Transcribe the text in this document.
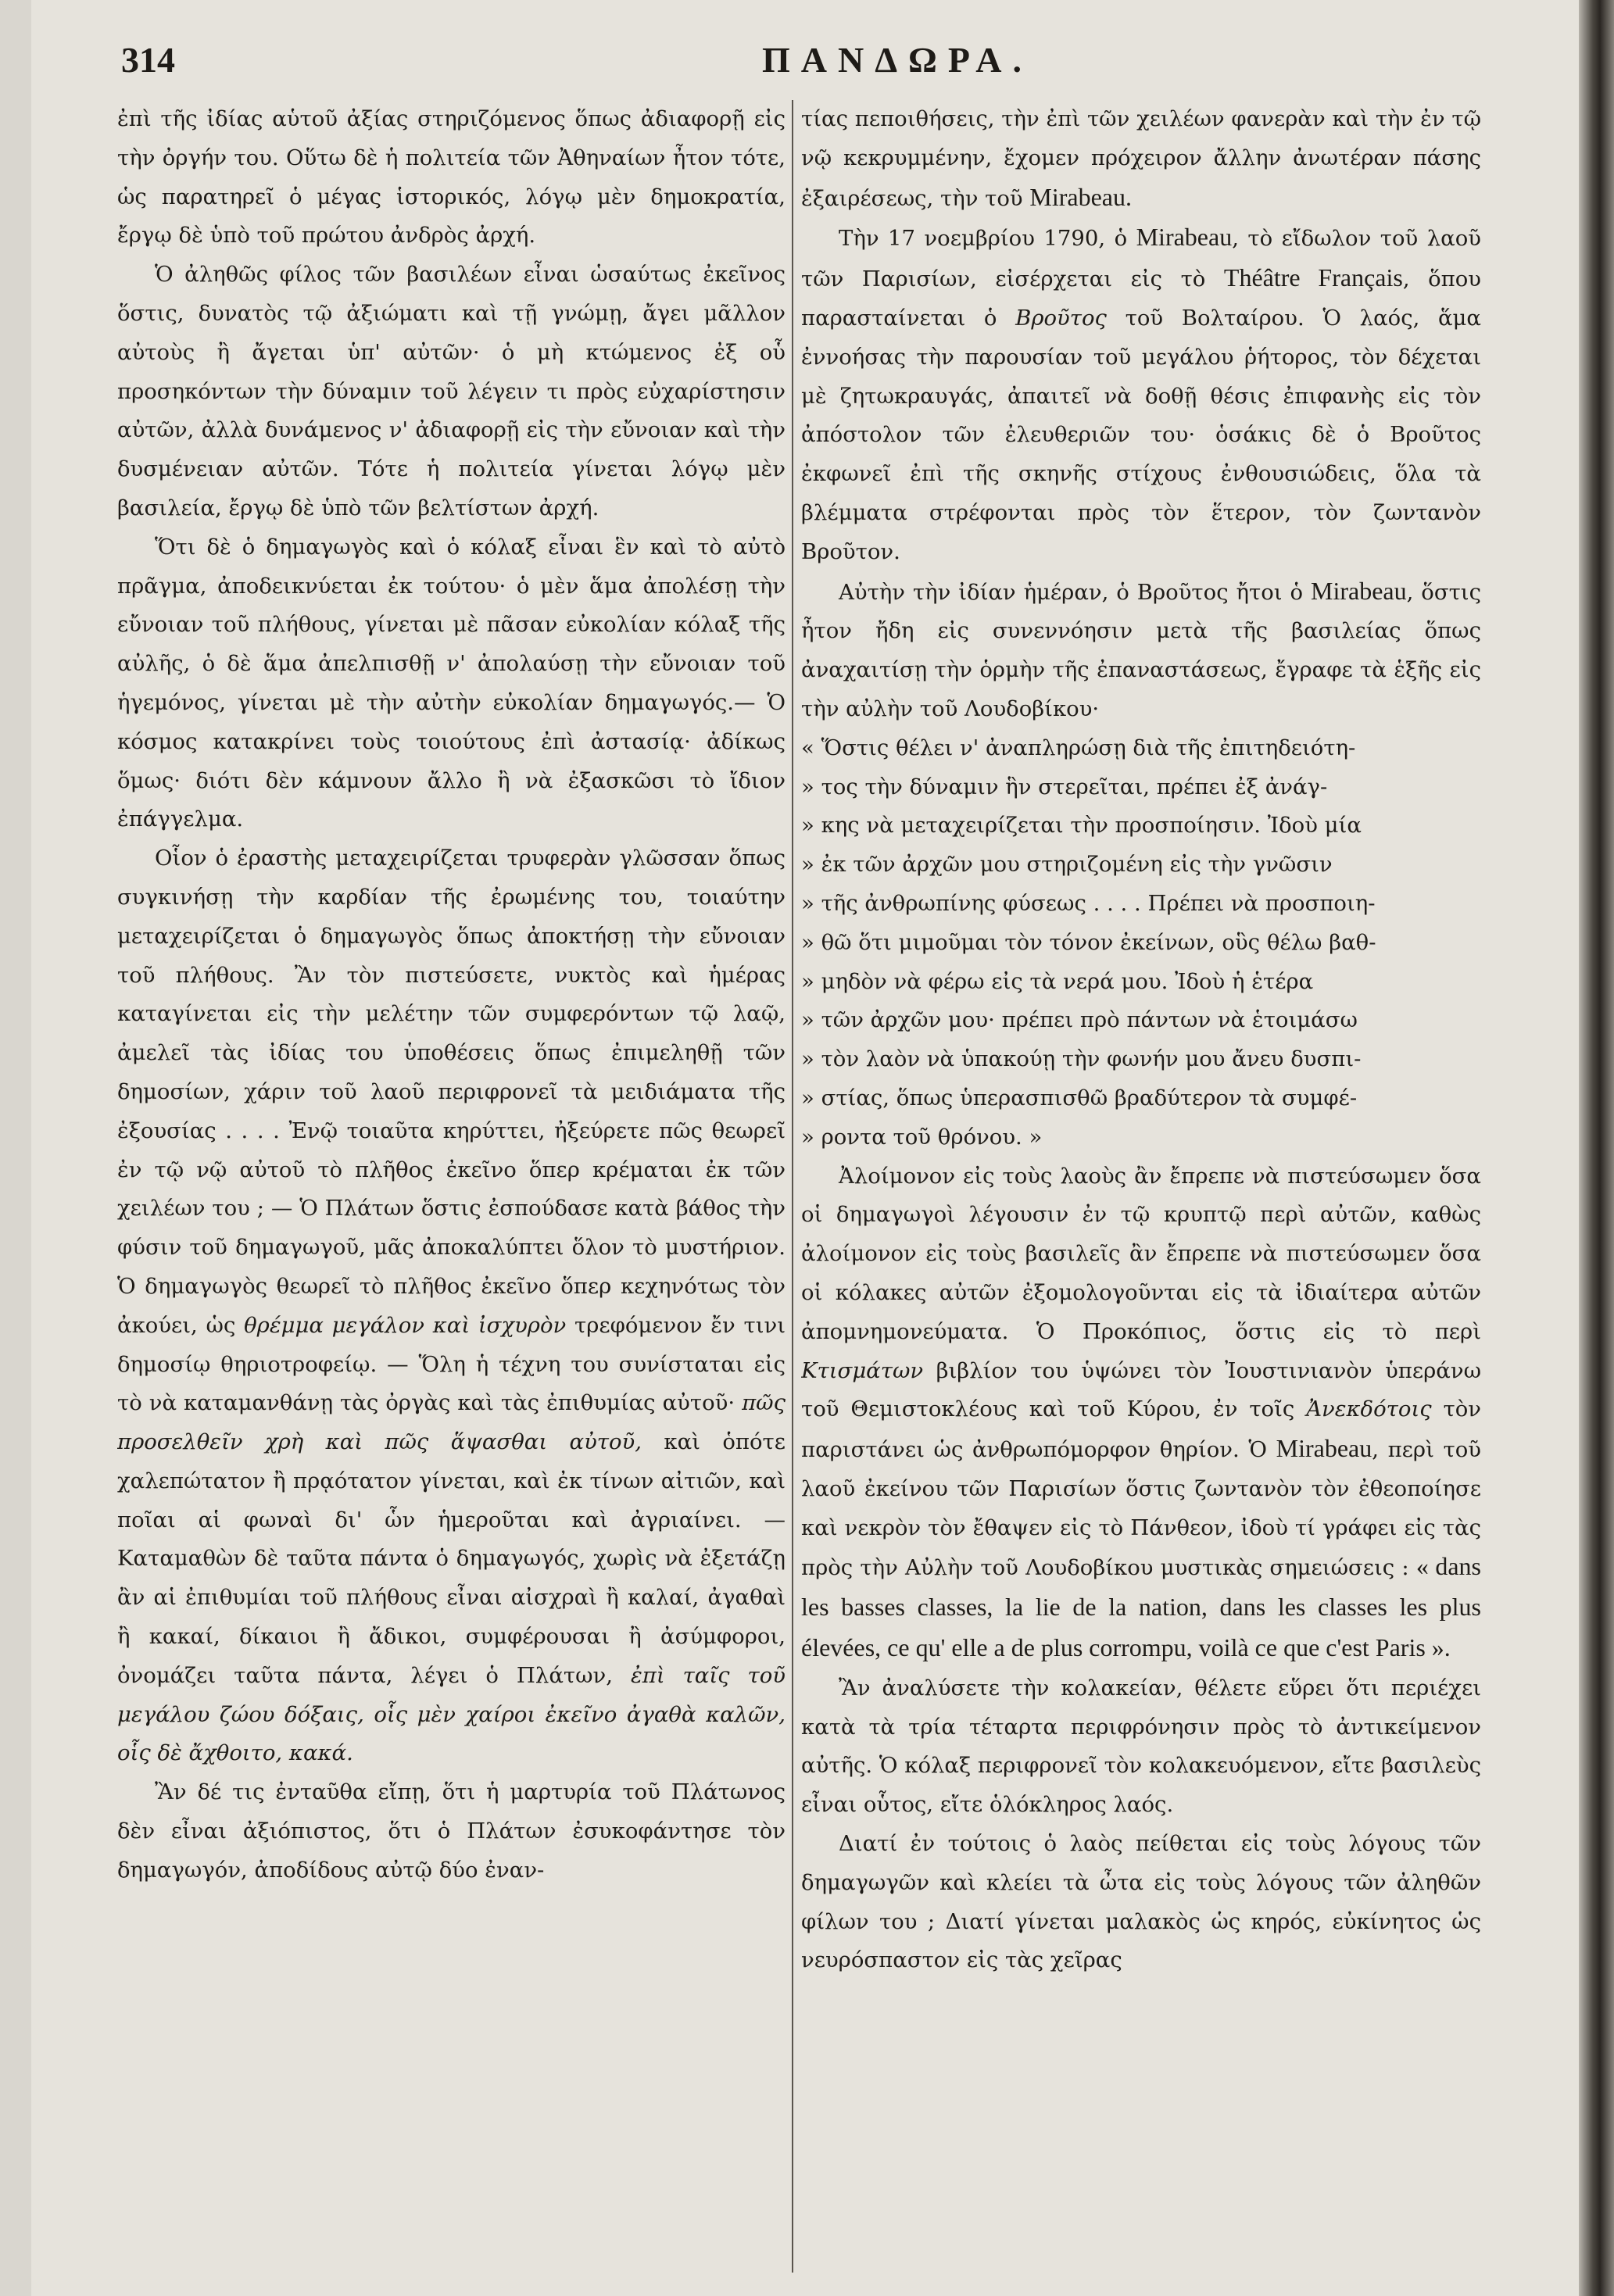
314	ΠΑΝΔΩΡΑ.

ἐπὶ τῆς ἰδίας αὑτοῦ ἀξίας στηριζόμενος ὅπως ἀδιαφορῇ εἰς τὴν ὀργήν του. Οὕτω δὲ ἡ πολιτεία τῶν Ἀθηναίων ἦτον τότε, ὡς παρατηρεῖ ὁ μέγας ἱστορικός, λόγῳ μὲν δημοκρατία, ἔργῳ δὲ ὑπὸ τοῦ πρώτου ἀνδρὸς ἀρχή.

Ὁ ἀληθῶς φίλος τῶν βασιλέων εἶναι ὡσαύτως ἐκεῖνος ὅστις, δυνατὸς τῷ ἀξιώματι καὶ τῇ γνώμῃ, ἄγει μᾶλλον αὐτοὺς ἢ ἄγεται ὑπ' αὐτῶν· ὁ μὴ κτώμενος ἐξ οὗ προσηκόντων τὴν δύναμιν τοῦ λέγειν τι πρὸς εὐχαρίστησιν αὐτῶν, ἀλλὰ δυνάμενος ν' ἀδιαφορῇ εἰς τὴν εὔνοιαν καὶ τὴν δυσμένειαν αὐτῶν. Τότε ἡ πολιτεία γίνεται λόγῳ μὲν βασιλεία, ἔργῳ δὲ ὑπὸ τῶν βελτίστων ἀρχή.

Ὅτι δὲ ὁ δημαγωγὸς καὶ ὁ κόλαξ εἶναι ἓν καὶ τὸ αὐτὸ πρᾶγμα, ἀποδεικνύεται ἐκ τούτου· ὁ μὲν ἅμα ἀπολέσῃ τὴν εὔνοιαν τοῦ πλήθους, γίνεται μὲ πᾶσαν εὐκολίαν κόλαξ τῆς αὐλῆς, ὁ δὲ ἅμα ἀπελπισθῇ ν' ἀπολαύσῃ τὴν εὔνοιαν τοῦ ἡγεμόνος, γίνεται μὲ τὴν αὐτὴν εὐκολίαν δημαγωγός.— Ὁ κόσμος κατακρίνει τοὺς τοιούτους ἐπὶ ἀστασίᾳ· ἀδίκως ὅμως· διότι δὲν κάμνουν ἄλλο ἢ νὰ ἐξασκῶσι τὸ ἴδιον ἐπάγγελμα.

Οἷον ὁ ἐραστὴς μεταχειρίζεται τρυφερὰν γλῶσσαν ὅπως συγκινήσῃ τὴν καρδίαν τῆς ἐρωμένης του, τοιαύτην μεταχειρίζεται ὁ δημαγωγὸς ὅπως ἀποκτήσῃ τὴν εὔνοιαν τοῦ πλήθους. Ἂν τὸν πιστεύσετε, νυκτὸς καὶ ἡμέρας καταγίνεται εἰς τὴν μελέτην τῶν συμφερόντων τῷ λαῷ, ἀμελεῖ τὰς ἰδίας του ὑποθέσεις ὅπως ἐπιμεληθῇ τῶν δημοσίων, χάριν τοῦ λαοῦ περιφρονεῖ τὰ μειδιάματα τῆς ἐξουσίας . . . . Ἐνῷ τοιαῦτα κηρύττει, ἠξεύρετε πῶς θεωρεῖ ἐν τῷ νῷ αὐτοῦ τὸ πλῆθος ἐκεῖνο ὅπερ κρέμαται ἐκ τῶν χειλέων του ; — Ὁ Πλάτων ὅστις ἐσπούδασε κατὰ βάθος τὴν φύσιν τοῦ δημαγωγοῦ, μᾶς ἀποκαλύπτει ὅλον τὸ μυστήριον. Ὁ δημαγωγὸς θεωρεῖ τὸ πλῆθος ἐκεῖνο ὅπερ κεχηνότως τὸν ἀκούει, ὡς θρέμμα μεγάλον καὶ ἰσχυρὸν τρεφόμενον ἔν τινι δημοσίῳ θηριοτροφείῳ. — Ὅλη ἡ τέχνη του συνίσταται εἰς τὸ νὰ καταμανθάνῃ τὰς ὀργὰς καὶ τὰς ἐπιθυμίας αὐτοῦ· πῶς προσελθεῖν χρὴ καὶ πῶς ἅψασθαι αὐτοῦ, καὶ ὁπότε χαλεπώτατον ἢ πρᾳότατον γίνεται, καὶ ἐκ τίνων αἰτιῶν, καὶ ποῖαι αἱ φωναὶ δι' ὧν ἡμεροῦται καὶ ἀγριαίνει. — Καταμαθὼν δὲ ταῦτα πάντα ὁ δημαγωγός, χωρὶς νὰ ἐξετάζῃ ἂν αἱ ἐπιθυμίαι τοῦ πλήθους εἶναι αἰσχραὶ ἢ καλαί, ἀγαθαὶ ἢ κακαί, δίκαιοι ἢ ἄδικοι, συμφέρουσαι ἢ ἀσύμφοροι, ὀνομάζει ταῦτα πάντα, λέγει ὁ Πλάτων, ἐπὶ ταῖς τοῦ μεγάλου ζώου δόξαις, οἷς μὲν χαίροι ἐκεῖνο ἀγαθὰ καλῶν, οἷς δὲ ἄχθοιτο, κακά.

Ἂν δέ τις ἐνταῦθα εἴπῃ, ὅτι ἡ μαρτυρία τοῦ Πλάτωνος δὲν εἶναι ἀξιόπιστος, ὅτι ὁ Πλάτων ἐσυκοφάντησε τὸν δημαγωγόν, ἀποδίδους αὐτῷ δύο ἐναν-

τίας πεποιθήσεις, τὴν ἐπὶ τῶν χειλέων φανερὰν καὶ τὴν ἐν τῷ νῷ κεκρυμμένην, ἔχομεν πρόχειρον ἄλλην ἀνωτέραν πάσης ἐξαιρέσεως, τὴν τοῦ Mirabeau.

Τὴν 17 νοεμβρίου 1790, ὁ Mirabeau, τὸ εἴδωλον τοῦ λαοῦ τῶν Παρισίων, εἰσέρχεται εἰς τὸ Théâtre Français, ὅπου παρασταίνεται ὁ Βροῦτος τοῦ Βολταίρου. Ὁ λαός, ἅμα ἐννοήσας τὴν παρουσίαν τοῦ μεγάλου ῥήτορος, τὸν δέχεται μὲ ζητωκραυγάς, ἀπαιτεῖ νὰ δοθῇ θέσις ἐπιφανὴς εἰς τὸν ἀπόστολον τῶν ἐλευθεριῶν του· ὁσάκις δὲ ὁ Βροῦτος ἐκφωνεῖ ἐπὶ τῆς σκηνῆς στίχους ἐνθουσιώδεις, ὅλα τὰ βλέμματα στρέφονται πρὸς τὸν ἕτερον, τὸν ζωντανὸν Βροῦτον.

Αὐτὴν τὴν ἰδίαν ἡμέραν, ὁ Βροῦτος ἤτοι ὁ Mirabeau, ὅστις ἦτον ἤδη εἰς συνεννόησιν μετὰ τῆς βασιλείας ὅπως ἀναχαιτίσῃ τὴν ὁρμὴν τῆς ἐπαναστάσεως, ἔγραφε τὰ ἑξῆς εἰς τὴν αὐλὴν τοῦ Λουδοβίκου·

« Ὅστις θέλει ν' ἀναπληρώσῃ διὰ τῆς ἐπιτηδειότη-
» τος τὴν δύναμιν ἣν στερεῖται, πρέπει ἐξ ἀνάγ-
» κης νὰ μεταχειρίζεται τὴν προσποίησιν. Ἰδοὺ μία
» ἐκ τῶν ἀρχῶν μου στηριζομένη εἰς τὴν γνῶσιν
» τῆς ἀνθρωπίνης φύσεως . . . . Πρέπει νὰ προσποιη-
» θῶ ὅτι μιμοῦμαι τὸν τόνον ἐκείνων, οὓς θέλω βαθ-
» μηδὸν νὰ φέρω εἰς τὰ νερά μου. Ἰδοὺ ἡ ἑτέρα
» τῶν ἀρχῶν μου· πρέπει πρὸ πάντων νὰ ἑτοιμάσω
» τὸν λαὸν νὰ ὑπακούῃ τὴν φωνήν μου ἄνευ δυσπι-
» στίας, ὅπως ὑπερασπισθῶ βραδύτερον τὰ συμφέ-
» ροντα τοῦ θρόνου. »

Ἀλοίμονον εἰς τοὺς λαοὺς ἂν ἔπρεπε νὰ πιστεύσωμεν ὅσα οἱ δημαγωγοὶ λέγουσιν ἐν τῷ κρυπτῷ περὶ αὐτῶν, καθὼς ἀλοίμονον εἰς τοὺς βασιλεῖς ἂν ἔπρεπε νὰ πιστεύσωμεν ὅσα οἱ κόλακες αὐτῶν ἐξομολογοῦνται εἰς τὰ ἰδιαίτερα αὐτῶν ἀπομνημονεύματα. Ὁ Προκόπιος, ὅστις εἰς τὸ περὶ Κτισμάτων βιβλίον του ὑψώνει τὸν Ἰουστινιανὸν ὑπεράνω τοῦ Θεμιστοκλέους καὶ τοῦ Κύρου, ἐν τοῖς Ἀνεκδότοις τὸν παριστάνει ὡς ἀνθρωπόμορφον θηρίον. Ὁ Mirabeau, περὶ τοῦ λαοῦ ἐκείνου τῶν Παρισίων ὅστις ζωντανὸν τὸν ἐθεοποίησε καὶ νεκρὸν τὸν ἔθαψεν εἰς τὸ Πάνθεον, ἰδοὺ τί γράφει εἰς τὰς πρὸς τὴν Αὐλὴν τοῦ Λουδοβίκου μυστικὰς σημειώσεις : « dans les basses classes, la lie de la nation, dans les classes les plus élevées, ce qu' elle a de plus corrompu, voilà ce que c'est Paris ».

Ἂν ἀναλύσετε τὴν κολακείαν, θέλετε εὕρει ὅτι περιέχει κατὰ τὰ τρία τέταρτα περιφρόνησιν πρὸς τὸ ἀντικείμενον αὐτῆς. Ὁ κόλαξ περιφρονεῖ τὸν κολακευόμενον, εἴτε βασιλεὺς εἶναι οὗτος, εἴτε ὁλόκληρος λαός.

Διατί ἐν τούτοις ὁ λαὸς πείθεται εἰς τοὺς λόγους τῶν δημαγωγῶν καὶ κλείει τὰ ὦτα εἰς τοὺς λόγους τῶν ἀληθῶν φίλων του ; Διατί γίνεται μαλακὸς ὡς κηρός, εὐκίνητος ὡς νευρόσπαστον εἰς τὰς χεῖρας
